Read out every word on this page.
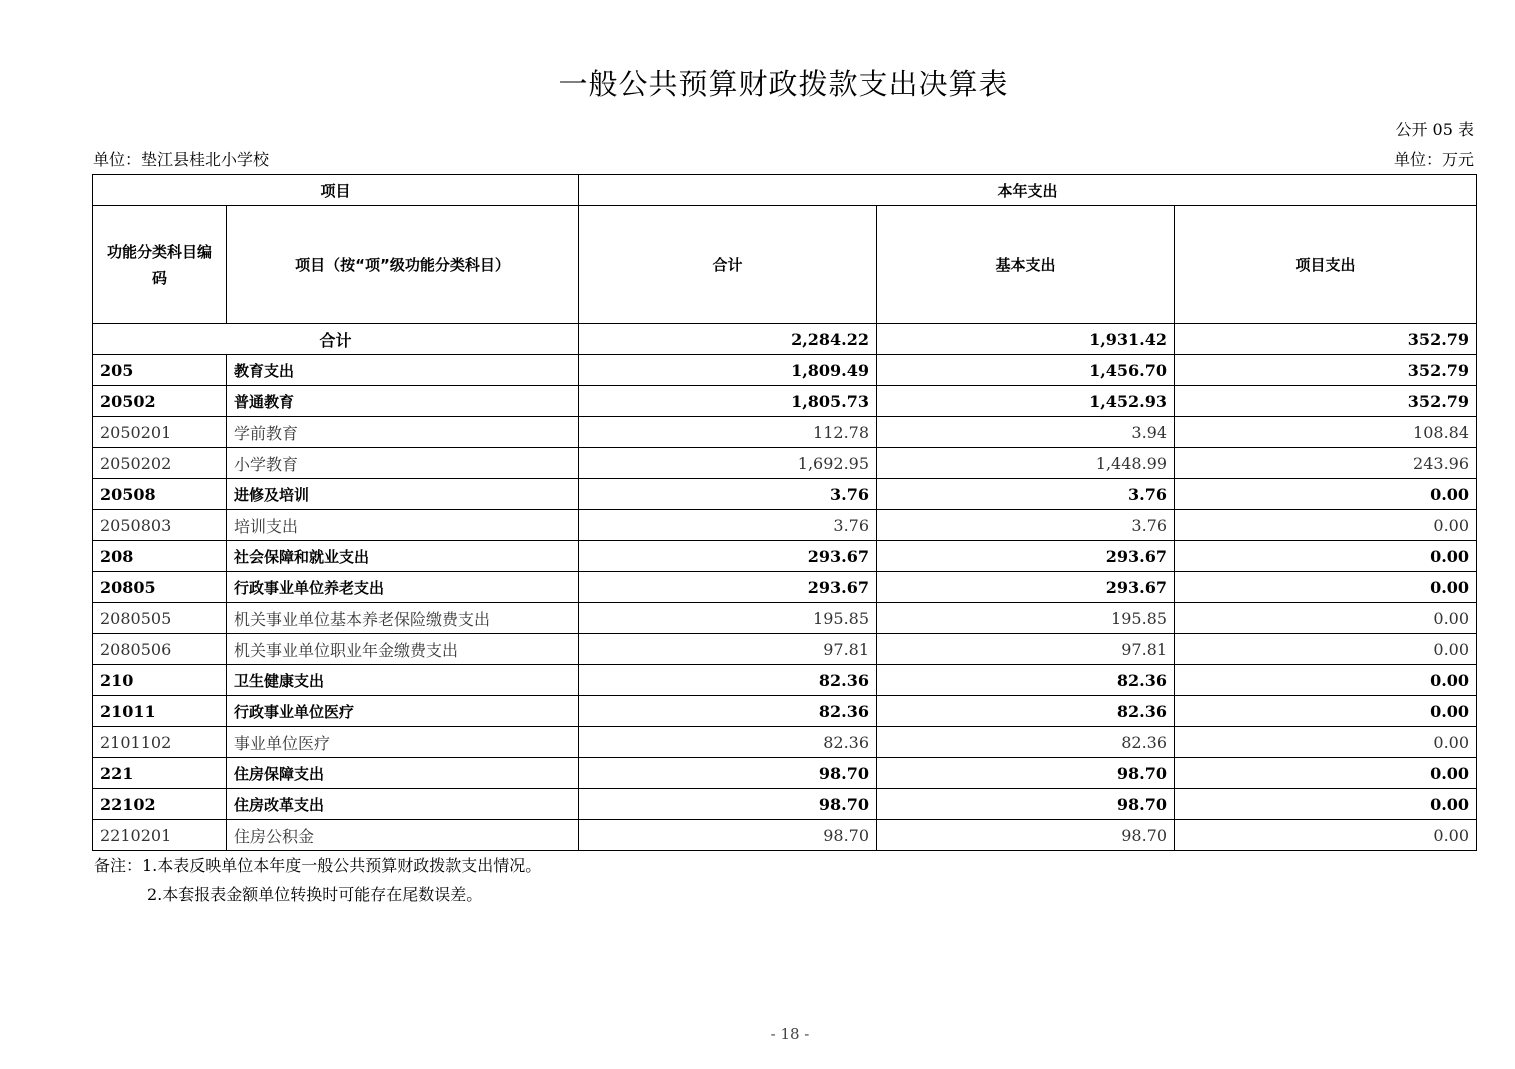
一般公共预算财政拨款支出决算表
公开 05 表
单位：垫江县桂北小学校	单位：万元
项目		本年支出		
功能分类科目编码	项目（按“项”级功能分类科目）	合计	基本支出	项目支出
合计		2,284.22	1,931.42	352.79
205	教育支出	1,809.49	1,456.70	352.79
20502	普通教育	1,805.73	1,452.93	352.79
2050201	学前教育	112.78	3.94	108.84
2050202	小学教育	1,692.95	1,448.99	243.96
20508	进修及培训	3.76	3.76	0.00
2050803	培训支出	3.76	3.76	0.00
208	社会保障和就业支出	293.67	293.67	0.00
20805	行政事业单位养老支出	293.67	293.67	0.00
2080505	机关事业单位基本养老保险缴费支出	195.85	195.85	0.00
2080506	机关事业单位职业年金缴费支出	97.81	97.81	0.00
210	卫生健康支出	82.36	82.36	0.00
21011	行政事业单位医疗	82.36	82.36	0.00
2101102	事业单位医疗	82.36	82.36	0.00
221	住房保障支出	98.70	98.70	0.00
22102	住房改革支出	98.70	98.70	0.00
2210201	住房公积金	98.70	98.70	0.00
备注：1.本表反映单位本年度一般公共预算财政拨款支出情况。
2.本套报表金额单位转换时可能存在尾数误差。
- 18 -
